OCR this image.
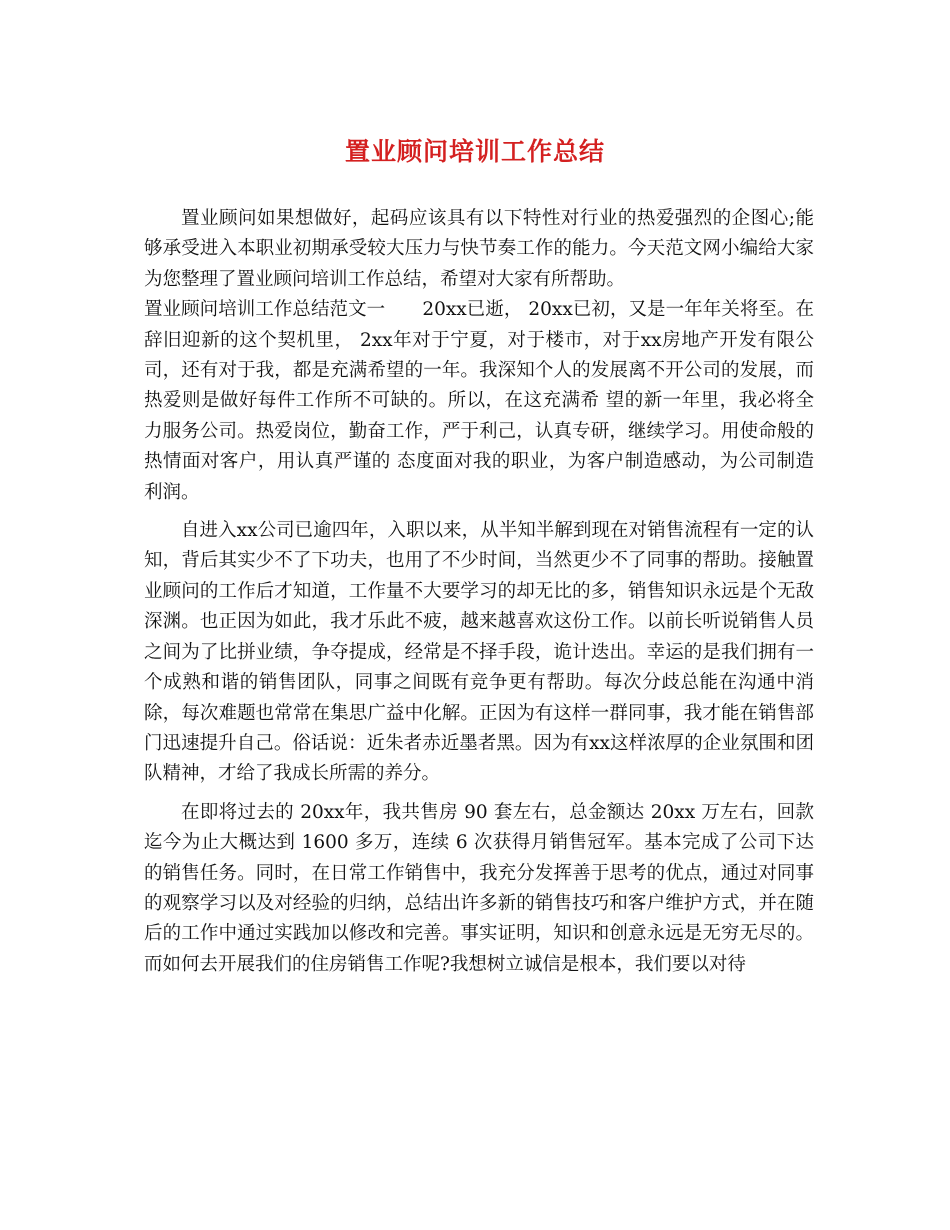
置业顾问培训工作总结

置业顾问如果想做好，起码应该具有以下特性对行业的热爱强烈的企图心;能够承受进入本职业初期承受较大压力与快节奏工作的能力。今天范文网小编给大家为您整理了置业顾问培训工作总结，希望对大家有所帮助。

置业顾问培训工作总结范文一　　20xx已逝， 20xx已初，又是一年年关将至。在辞旧迎新的这个契机里， 2xx年对于宁夏，对于楼市，对于xx房地产开发有限公司，还有对于我，都是充满希望的一年。我深知个人的发展离不开公司的发展，而热爱则是做好每件工作所不可缺的。所以，在这充满希 望的新一年里，我必将全力服务公司。热爱岗位，勤奋工作，严于利己，认真专研，继续学习。用使命般的热情面对客户，用认真严谨的 态度面对我的职业，为客户制造感动，为公司制造利润。

自进入xx公司已逾四年，入职以来，从半知半解到现在对销售流程有一定的认知，背后其实少不了下功夫，也用了不少时间，当然更少不了同事的帮助。接触置业顾问的工作后才知道，工作量不大要学习的却无比的多，销售知识永远是个无敌深渊。也正因为如此，我才乐此不疲，越来越喜欢这份工作。以前长听说销售人员之间为了比拼业绩，争夺提成，经常是不择手段，诡计迭出。幸运的是我们拥有一个成熟和谐的销售团队，同事之间既有竞争更有帮助。每次分歧总能在沟通中消除，每次难题也常常在集思广益中化解。正因为有这样一群同事，我才能在销售部门迅速提升自己。俗话说：近朱者赤近墨者黑。因为有xx这样浓厚的企业氛围和团队精神，才给了我成长所需的养分。

在即将过去的 20xx年，我共售房 90 套左右，总金额达 20xx 万左右，回款迄今为止大概达到 1600 多万，连续 6 次获得月销售冠军。基本完成了公司下达的销售任务。同时，在日常工作销售中，我充分发挥善于思考的优点，通过对同事的观察学习以及对经验的归纳，总结出许多新的销售技巧和客户维护方式，并在随后的工作中通过实践加以修改和完善。事实证明，知识和创意永远是无穷无尽的。而如何去开展我们的住房销售工作呢?我想树立诚信是根本，我们要以对待
